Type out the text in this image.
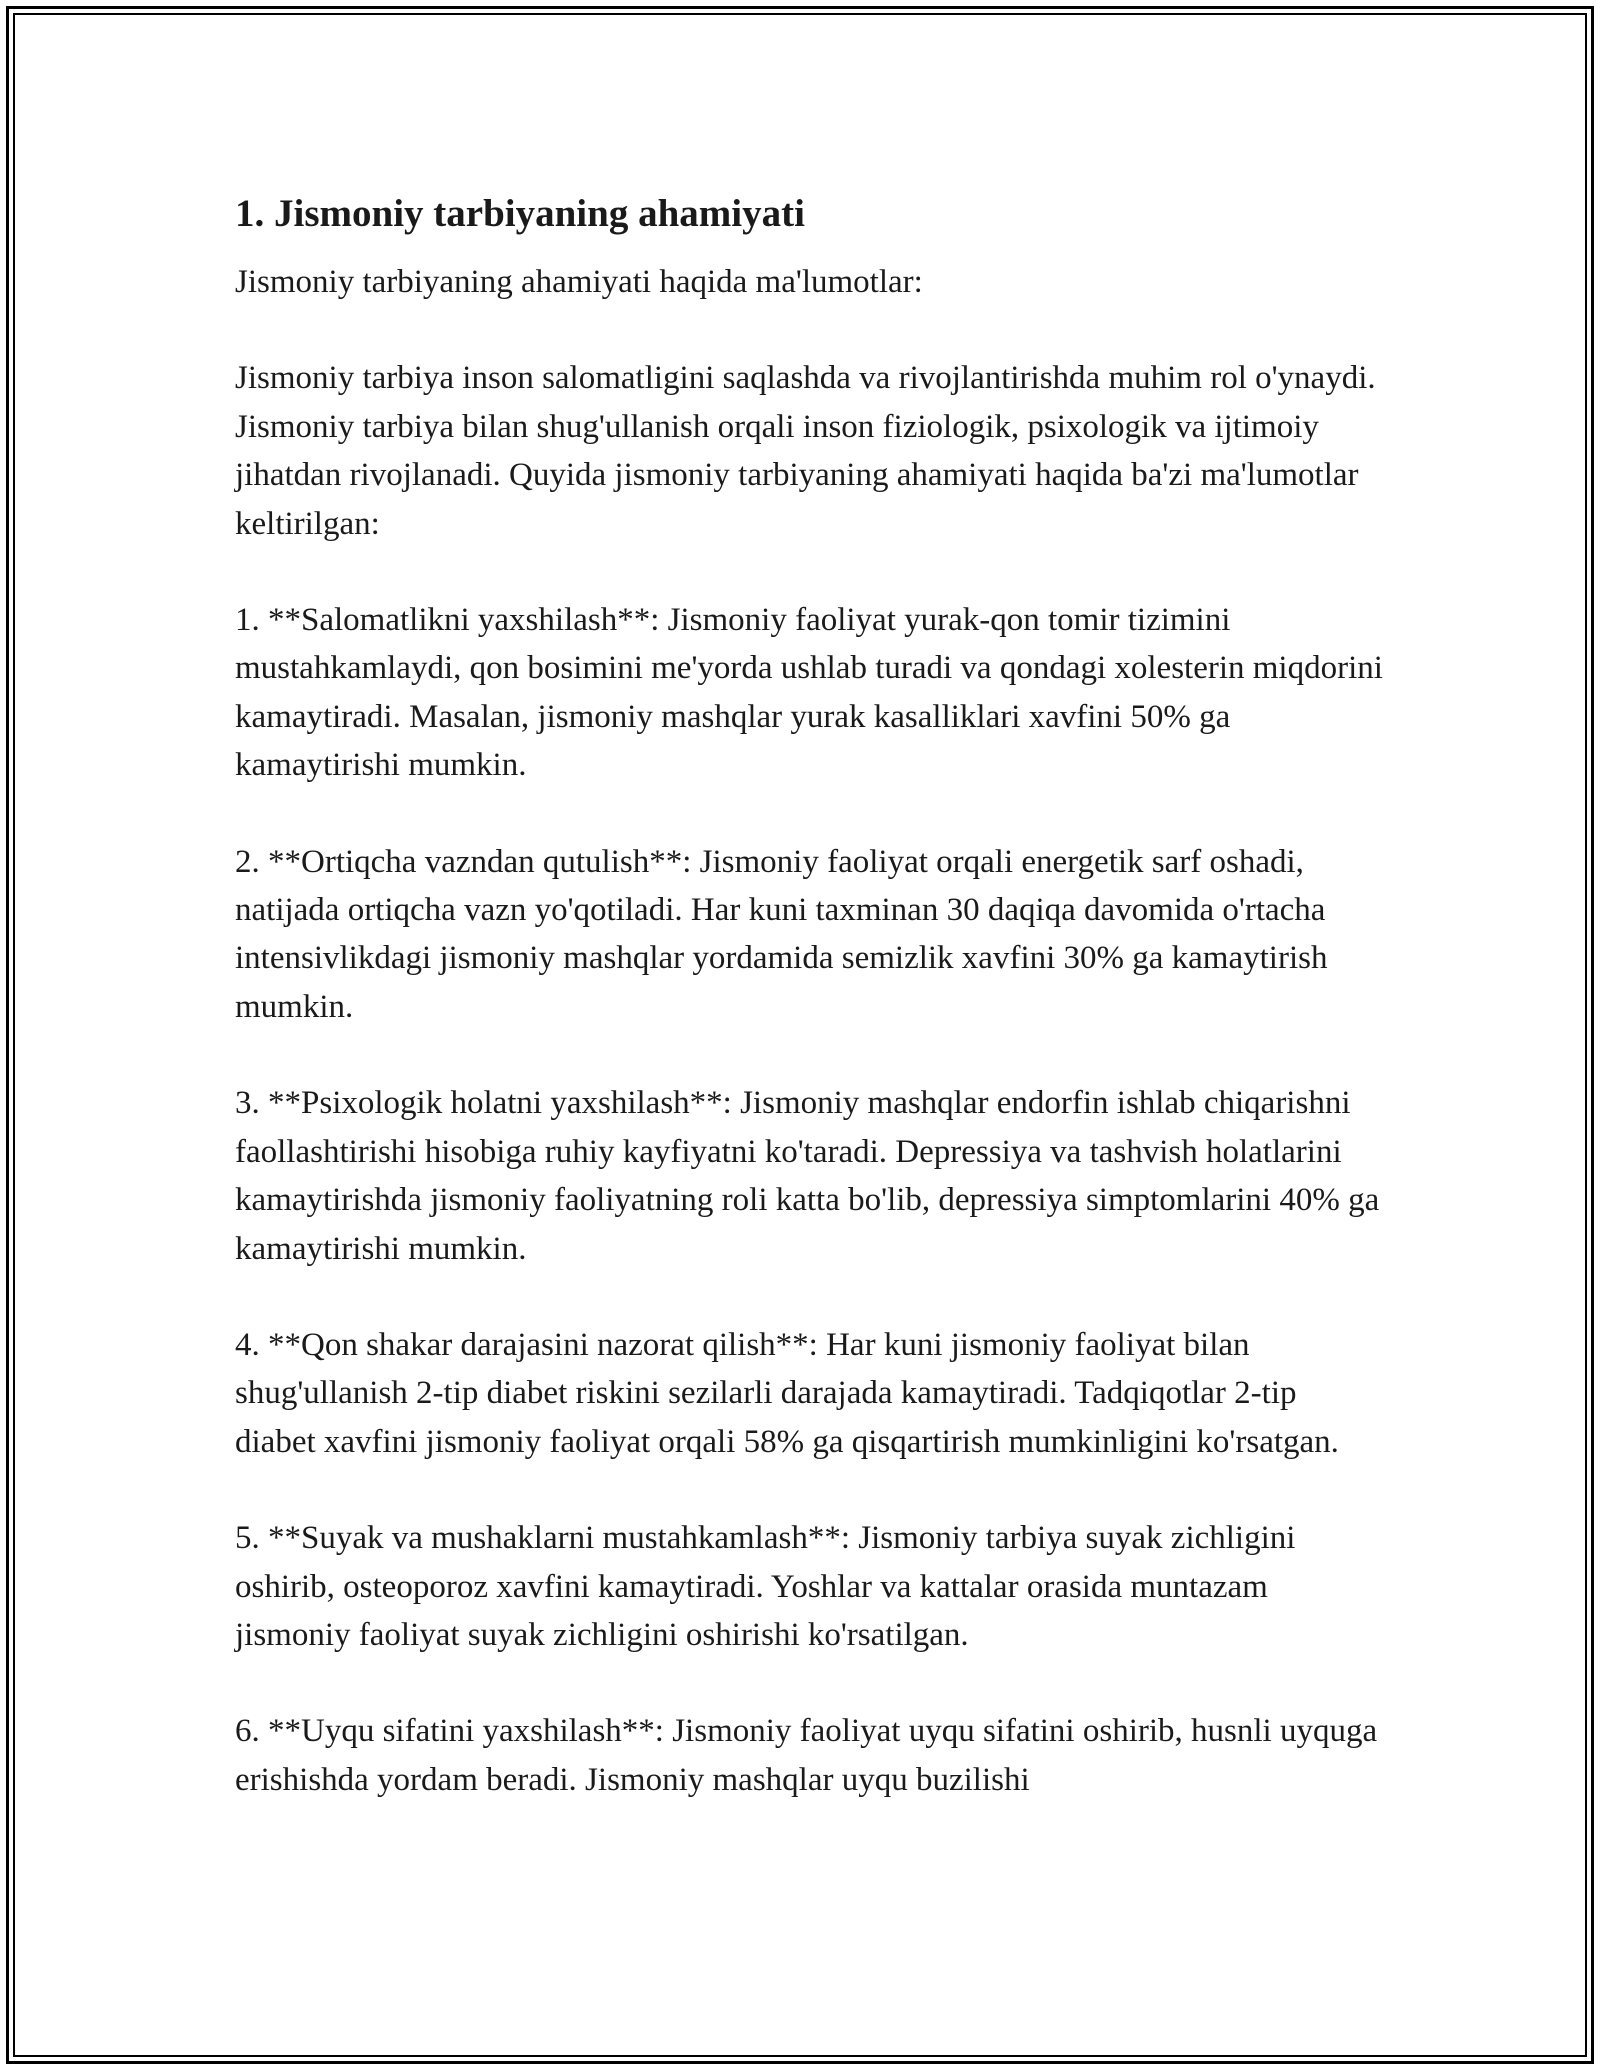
1. Jismoniy tarbiyaning ahamiyati

Jismoniy tarbiyaning ahamiyati haqida ma'lumotlar:

Jismoniy tarbiya inson salomatligini saqlashda va rivojlantirishda muhim rol o'ynaydi. Jismoniy tarbiya bilan shug'ullanish orqali inson fiziologik, psixologik va ijtimoiy jihatdan rivojlanadi. Quyida jismoniy tarbiyaning ahamiyati haqida ba'zi ma'lumotlar keltirilgan:

1. **Salomatlikni yaxshilash**: Jismoniy faoliyat yurak-qon tomir tizimini mustahkamlaydi, qon bosimini me'yorda ushlab turadi va qondagi xolesterin miqdorini kamaytiradi. Masalan, jismoniy mashqlar yurak kasalliklari xavfini 50% ga kamaytirishi mumkin.

2. **Ortiqcha vazndan qutulish**: Jismoniy faoliyat orqali energetik sarf oshadi, natijada ortiqcha vazn yo'qotiladi. Har kuni taxminan 30 daqiqa davomida o'rtacha intensivlikdagi jismoniy mashqlar yordamida semizlik xavfini 30% ga kamaytirish mumkin.

3. **Psixologik holatni yaxshilash**: Jismoniy mashqlar endorfin ishlab chiqarishni faollashtirishi hisobiga ruhiy kayfiyatni ko'taradi. Depressiya va tashvish holatlarini kamaytirishda jismoniy faoliyatning roli katta bo'lib, depressiya simptomlarini 40% ga kamaytirishi mumkin.

4. **Qon shakar darajasini nazorat qilish**: Har kuni jismoniy faoliyat bilan shug'ullanish 2-tip diabet riskini sezilarli darajada kamaytiradi. Tadqiqotlar 2-tip diabet xavfini jismoniy faoliyat orqali 58% ga qisqartirish mumkinligini ko'rsatgan.

5. **Suyak va mushaklarni mustahkamlash**: Jismoniy tarbiya suyak zichligini oshirib, osteoporoz xavfini kamaytiradi. Yoshlar va kattalar orasida muntazam jismoniy faoliyat suyak zichligini oshirishi ko'rsatilgan.

6. **Uyqu sifatini yaxshilash**: Jismoniy faoliyat uyqu sifatini oshirib, husnli uyquga erishishda yordam beradi. Jismoniy mashqlar uyqu buzilishi
